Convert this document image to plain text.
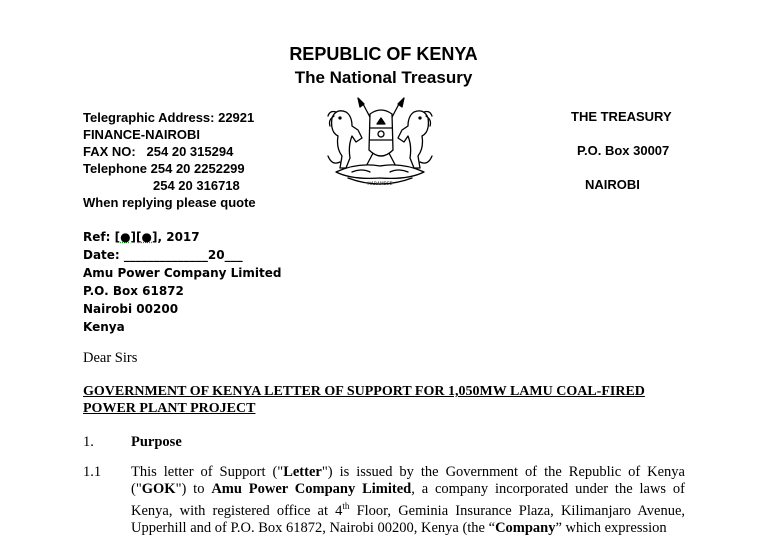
REPUBLIC OF KENYA
The National Treasury
Telegraphic Address: 22921
FINANCE-NAIROBI
FAX NO:   254 20 315294
Telephone 254 20 2252299
254 20 316718
When replying please quote
THE TREASURY
P.O. Box 30007
NAIROBI
HARAMBEE
Ref: [●][●], 2017
Date: ______________20___
Amu Power Company Limited
P.O. Box 61872
Nairobi 00200
Kenya
Dear Sirs
GOVERNMENT OF KENYA LETTER OF SUPPORT FOR 1,050MW LAMU COAL-FIRED
POWER PLANT PROJECT
1.	Purpose
1.1 This letter of Support ("Letter") is issued by the Government of the Republic of Kenya ("GOK") to Amu Power Company Limited, a company incorporated under the laws of Kenya, with registered office at 4th Floor, Geminia Insurance Plaza, Kilimanjaro Avenue, Upperhill and of P.O. Box 61872, Nairobi 00200, Kenya (the “Company” which expression
